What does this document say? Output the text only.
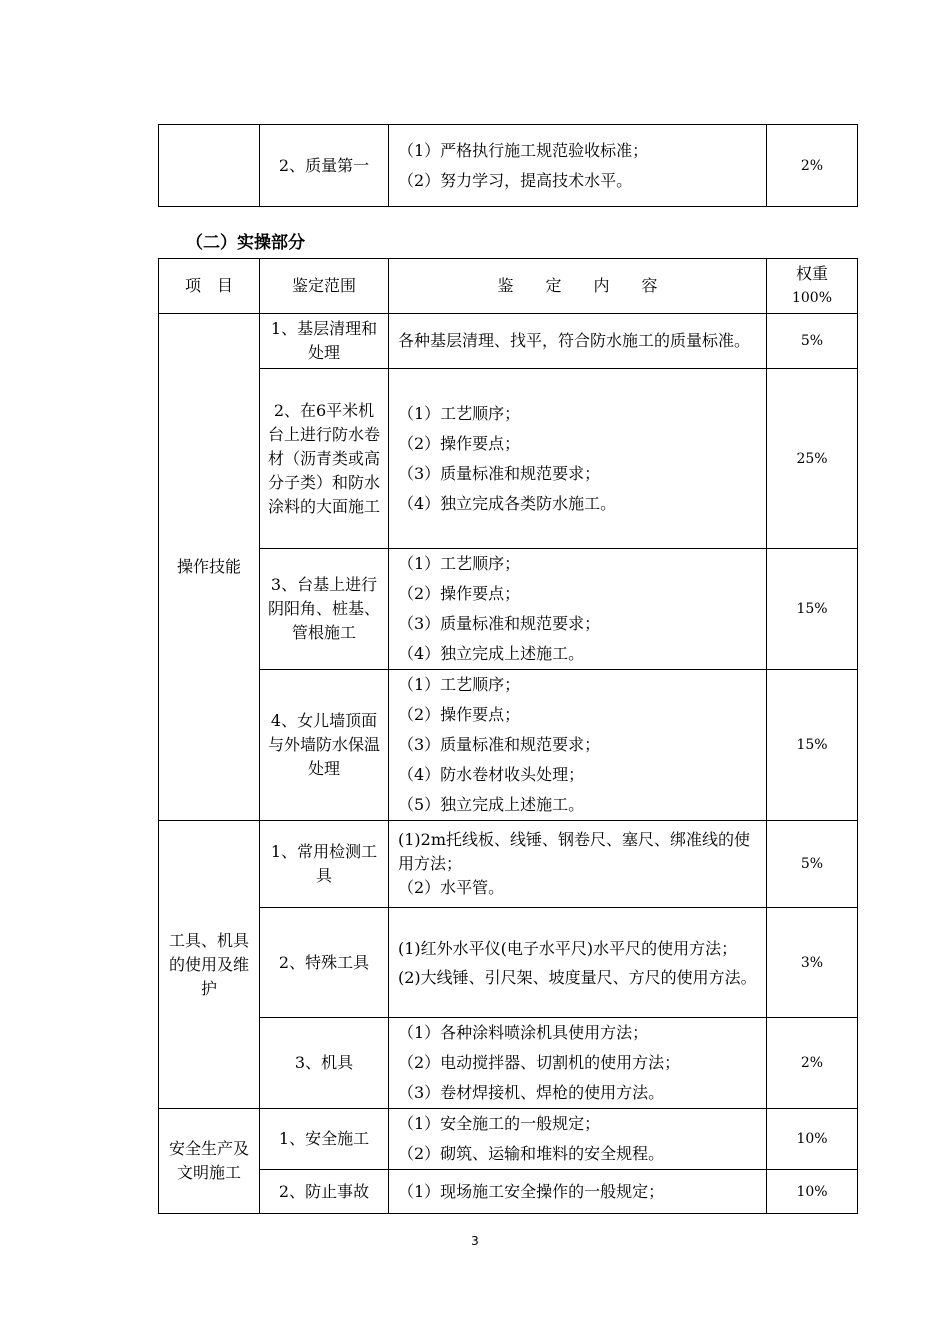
	2、质量第一	
（1）严格执行施工规范验收标准；
（2）努力学习，提高技术水平。
	2%
（二）实操部分
项　目	鉴定范围	鉴　　定　　内　　容	权重
100%

操作技能	1、基层清理和处理	各种基层清理、找平，符合防水施工的质量标准。	5%
	2、在6平米机台上进行防水卷材（沥青类或高分子类）和防水涂料的大面施工	（1）工艺顺序；
（2）操作要点；
（3）质量标准和规范要求；
（4）独立完成各类防水施工。	25%
	3、台基上进行阴阳角、桩基、管根施工	（1）工艺顺序；
（2）操作要点；
（3）质量标准和规范要求；
（4）独立完成上述施工。	15%
	4、女儿墙顶面与外墙防水保温处理	（1）工艺顺序；
（2）操作要点；
（3）质量标准和规范要求；
（4）防水卷材收头处理；
（5）独立完成上述施工。	15%
工具、机具的使用及维护	1、常用检测工具	(1)2m托线板、线锤、钢卷尺、塞尺、绑准线的使用方法；
（2）水平管。	5%
	2、特殊工具	(1)红外水平仪(电子水平尺)水平尺的使用方法；
(2)大线锤、引尺架、坡度量尺、方尺的使用方法。	3%
	3、机具	（1）各种涂料喷涂机具使用方法；
（2）电动搅拌器、切割机的使用方法；
（3）卷材焊接机、焊枪的使用方法。	2%
安全生产及文明施工	1、安全施工	（1）安全施工的一般规定；
（2）砌筑、运输和堆料的安全规程。	10%
	2、防止事故	（1）现场施工安全操作的一般规定；	10%
3
